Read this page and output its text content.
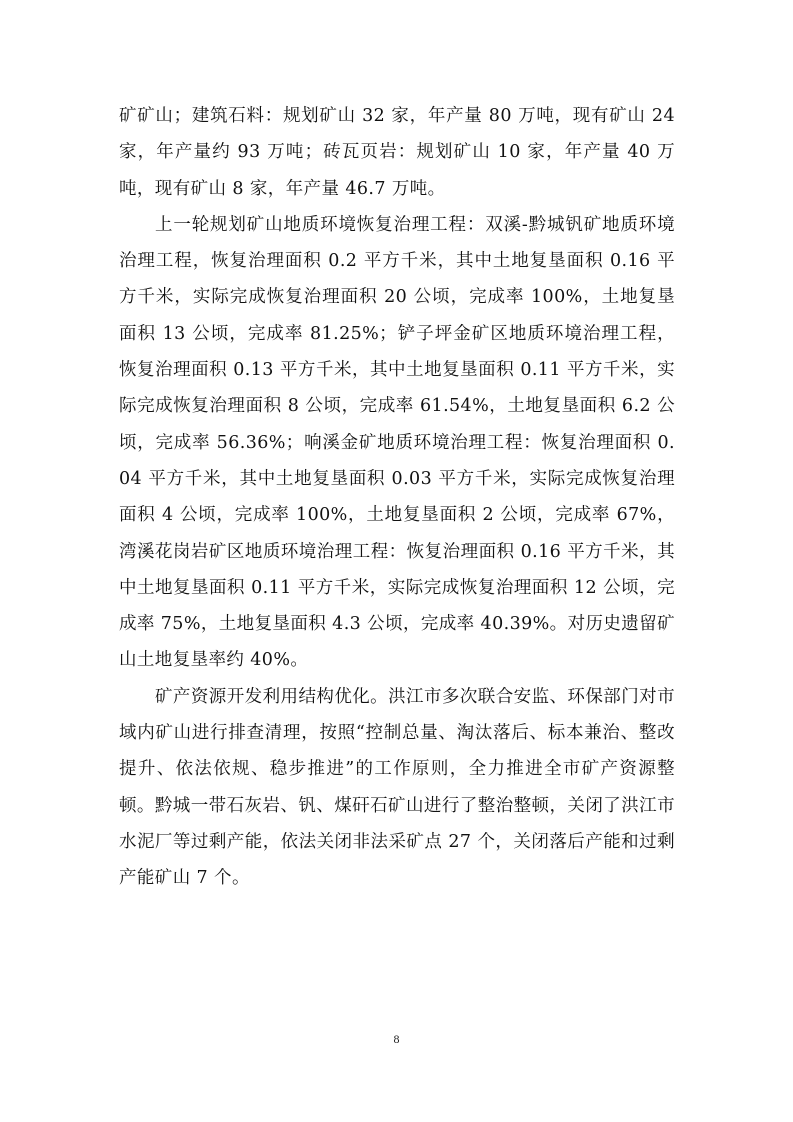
矿矿山；建筑石料：规划矿山 32 家，年产量 80 万吨，现有矿山 24 家，年产量约 93 万吨；砖瓦页岩：规划矿山 10 家，年产量 40 万吨，现有矿山 8 家，年产量 46.7 万吨。

上一轮规划矿山地质环境恢复治理工程：双溪-黔城钒矿地质环境治理工程，恢复治理面积 0.2 平方千米，其中土地复垦面积 0.16 平方千米，实际完成恢复治理面积 20 公顷，完成率 100%，土地复垦面积 13 公顷，完成率 81.25%；铲子坪金矿区地质环境治理工程，恢复治理面积 0.13 平方千米，其中土地复垦面积 0.11 平方千米，实际完成恢复治理面积 8 公顷，完成率 61.54%，土地复垦面积 6.2 公顷，完成率 56.36%；响溪金矿地质环境治理工程：恢复治理面积 0.04 平方千米，其中土地复垦面积 0.03 平方千米，实际完成恢复治理面积 4 公顷，完成率 100%，土地复垦面积 2 公顷，完成率 67%，湾溪花岗岩矿区地质环境治理工程：恢复治理面积 0.16 平方千米，其中土地复垦面积 0.11 平方千米，实际完成恢复治理面积 12 公顷，完成率 75%，土地复垦面积 4.3 公顷，完成率 40.39%。对历史遗留矿山土地复垦率约 40%。

矿产资源开发利用结构优化。洪江市多次联合安监、环保部门对市域内矿山进行排查清理，按照“控制总量、淘汰落后、标本兼治、整改提升、依法依规、稳步推进”的工作原则，全力推进全市矿产资源整顿。黔城一带石灰岩、钒、煤矸石矿山进行了整治整顿，关闭了洪江市水泥厂等过剩产能，依法关闭非法采矿点 27 个，关闭落后产能和过剩产能矿山 7 个。

8
